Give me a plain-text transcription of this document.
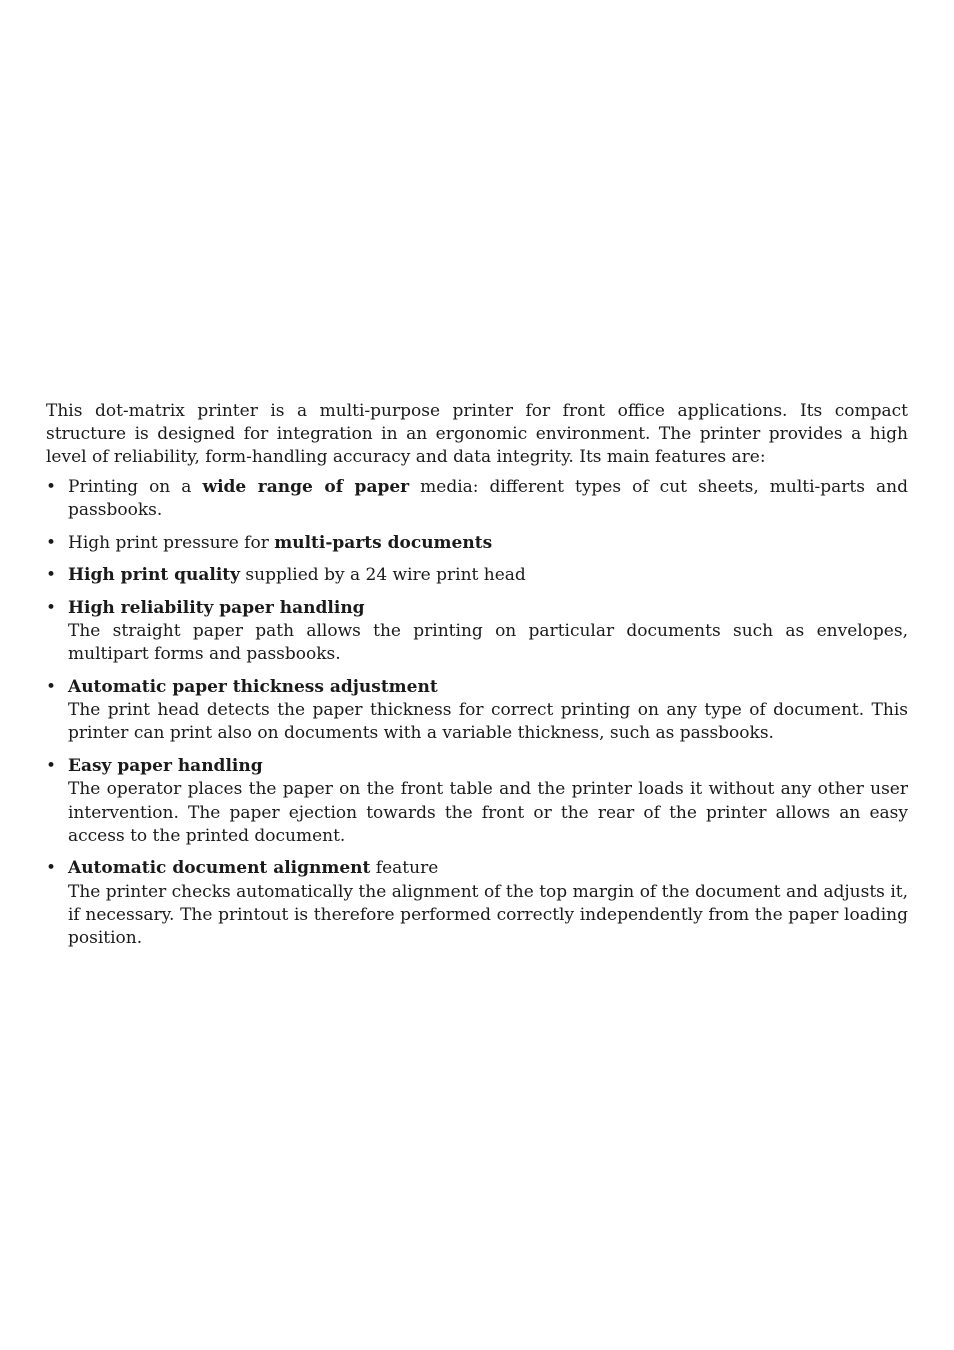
This dot-matrix printer is a multi-purpose printer for front office applications. Its compact structure is designed for integration in an ergonomic environment. The printer provides a high level of reliability, form-handling accuracy and data integrity. Its main features are:

• Printing on a wide range of paper media: different types of cut sheets, multi-parts and passbooks.
• High print pressure for multi-parts documents
• High print quality supplied by a 24 wire print head
• High reliability paper handling
The straight paper path allows the printing on particular documents such as envelopes, multipart forms and passbooks.
• Automatic paper thickness adjustment
The print head detects the paper thickness for correct printing on any type of document. This printer can print also on documents with a variable thickness, such as passbooks.
• Easy paper handling
The operator places the paper on the front table and the printer loads it without any other user intervention. The paper ejection towards the front or the rear of the printer allows an easy access to the printed document.
• Automatic document alignment feature
The printer checks automatically the alignment of the top margin of the document and adjusts it, if necessary. The printout is therefore performed correctly independently from the paper loading position.
